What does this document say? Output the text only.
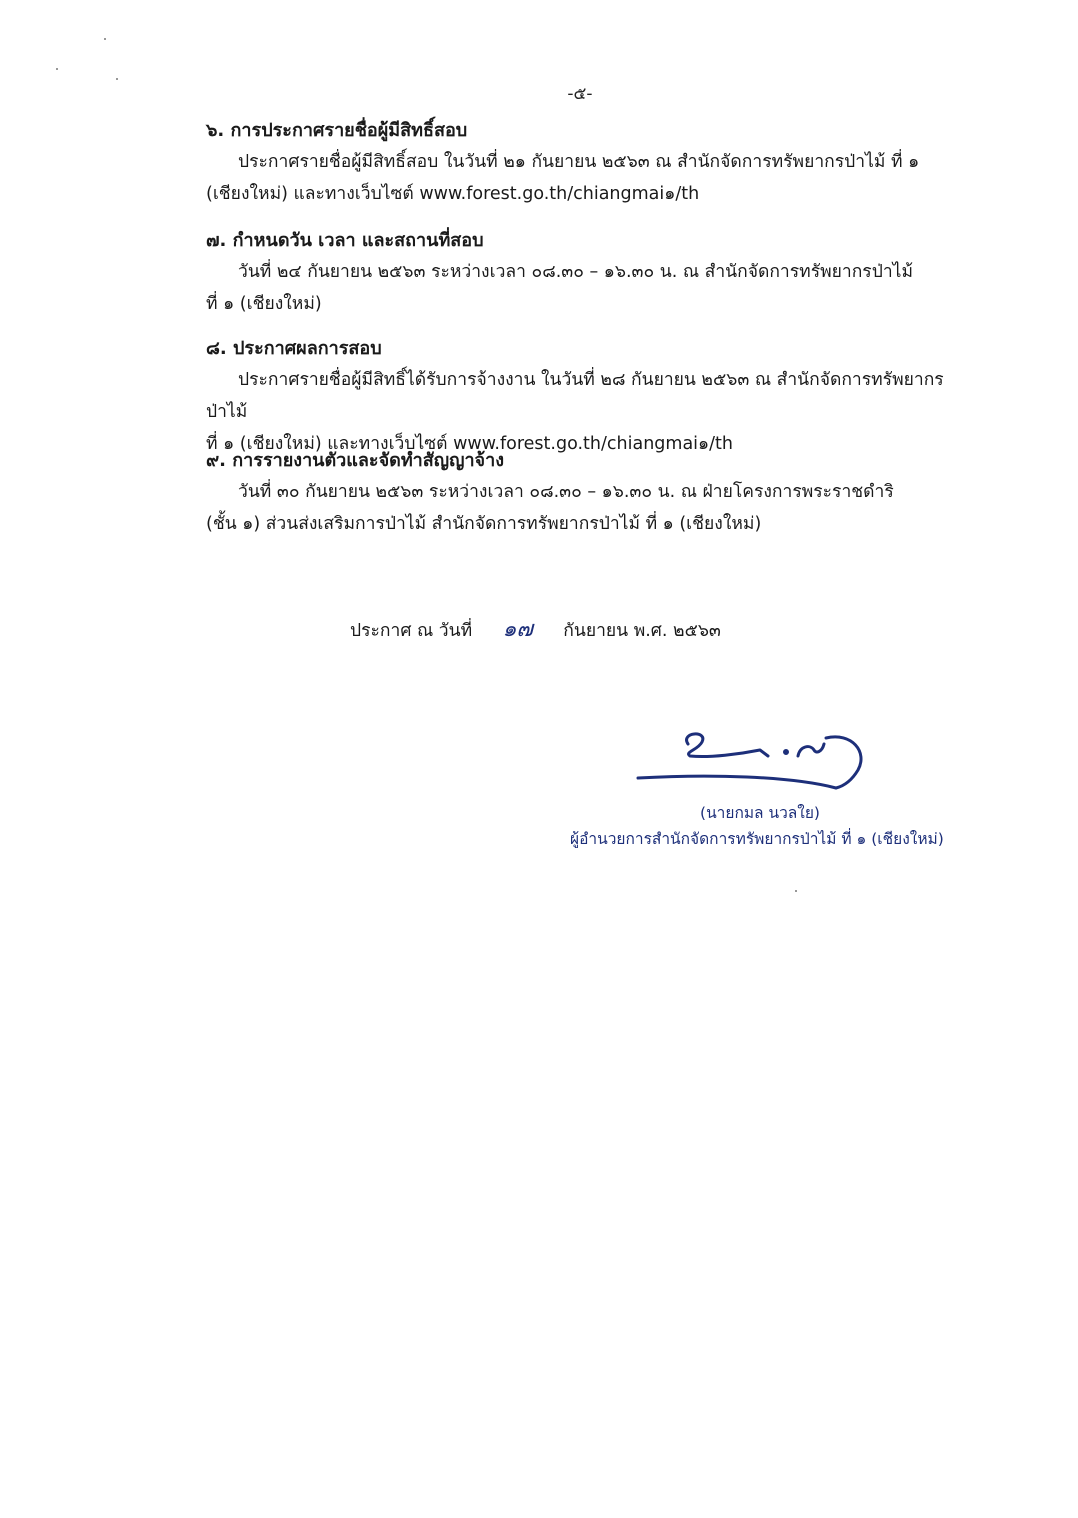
-๕-

๖. การประกาศรายชื่อผู้มีสิทธิ์สอบ

ประกาศรายชื่อผู้มีสิทธิ์สอบ ในวันที่ ๒๑ กันยายน ๒๕๖๓ ณ สำนักจัดการทรัพยากรป่าไม้ ที่ ๑

(เชียงใหม่) และทางเว็บไซต์ www.forest.go.th/chiangmai๑/th

๗. กำหนดวัน เวลา และสถานที่สอบ

วันที่ ๒๔ กันยายน ๒๕๖๓ ระหว่างเวลา ๐๘.๓๐ – ๑๖.๓๐ น. ณ สำนักจัดการทรัพยากรป่าไม้

ที่ ๑ (เชียงใหม่)

๘. ประกาศผลการสอบ

ประกาศรายชื่อผู้มีสิทธิ์ได้รับการจ้างงาน ในวันที่ ๒๘ กันยายน ๒๕๖๓ ณ สำนักจัดการทรัพยากรป่าไม้

ที่ ๑ (เชียงใหม่) และทางเว็บไซต์ www.forest.go.th/chiangmai๑/th

๙. การรายงานตัวและจัดทำสัญญาจ้าง

วันที่ ๓๐ กันยายน ๒๕๖๓ ระหว่างเวลา ๐๘.๓๐ – ๑๖.๓๐ น. ณ ฝ่ายโครงการพระราชดำริ

(ชั้น ๑) ส่วนส่งเสริมการป่าไม้ สำนักจัดการทรัพยากรป่าไม้ ที่ ๑ (เชียงใหม่)

ประกาศ ณ วันที่ ๑๗ กันยายน พ.ศ. ๒๕๖๓
(นายกมล นวลใย)
ผู้อำนวยการสำนักจัดการทรัพยากรป่าไม้ ที่ ๑ (เชียงใหม่)
